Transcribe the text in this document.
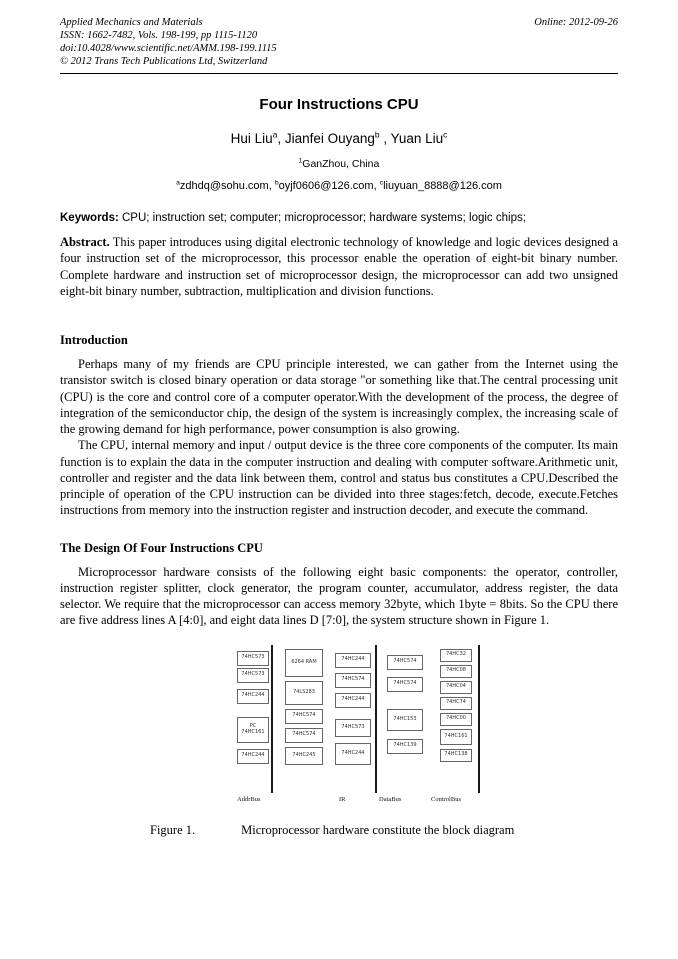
Applied Mechanics and Materials
ISSN: 1662-7482, Vols. 198-199, pp 1115-1120
doi:10.4028/www.scientific.net/AMM.198-199.1115
© 2012 Trans Tech Publications Ltd, Switzerland
Online: 2012-09-26
Four Instructions CPU
Hui Liu$^a$, Jianfei Ouyang$^b$ , Yuan Liu$^c$
$^1$GanZhou, China
$^a$zdhdq@sohu.com, $^b$oyjf0606@126.com, $^c$liuyuan_8888@126.com

Keywords: CPU; instruction set; computer; microprocessor; hardware systems; logic chips;

Abstract. This paper introduces using digital electronic technology of knowledge and logic devices designed a four instruction set of the microprocessor, this processor enable the operation of eight-bit binary number. Complete hardware and instruction set of microprocessor design, the microprocessor can add two unsigned eight-bit binary number, subtraction, multiplication and division functions.

Introduction

Perhaps many of my friends are CPU principle interested, we can gather from the Internet using the transistor switch is closed binary operation or data storage "or something like that.The central processing unit (CPU) is the core and control core of a computer operator.With the development of the process, the degree of integration of the semiconductor chip, the design of the system is increasingly complex, the increasing scale of the growing demand for high performance, power consumption is also growing.

The CPU, internal memory and input / output device is the three core components of the computer. Its main function is to explain the data in the computer instruction and dealing with computer software.Arithmetic unit, controller and register and the data link between them, control and status bus constitutes a CPU.Described the principle of operation of the CPU instruction can be divided into three stages:fetch, decode, execute.Fetches instructions from memory into the instruction register and instruction decoder, and execute the command.

The Design Of Four Instructions CPU

Microprocessor hardware consists of the following eight basic components: the operator, controller, instruction register splitter, clock generator, the program counter, accumulator, address register, the data selector. We require that the microprocessor can access memory 32byte, which 1byte = 8bits. So the CPU there are five address lines A [4:0], and eight data lines D [7:0], the system structure shown in Figure 1.

74HC573
74HC573
74HC244
PC 74HC161
74HC244
6264 RAM
74LS283
74HC574
74HC574
74HC245
74HC244
74HC574
74HC244
74HC573
74HC244
74HC574
74HC574
74HC153
74HC139
74HC32
74HC08
74HC04
74HC74
74HC00
74HC161
74HC138
AddrBus	IR	DataBus	ControlBus
Figure 1.	Microprocessor hardware constitute the block diagram
